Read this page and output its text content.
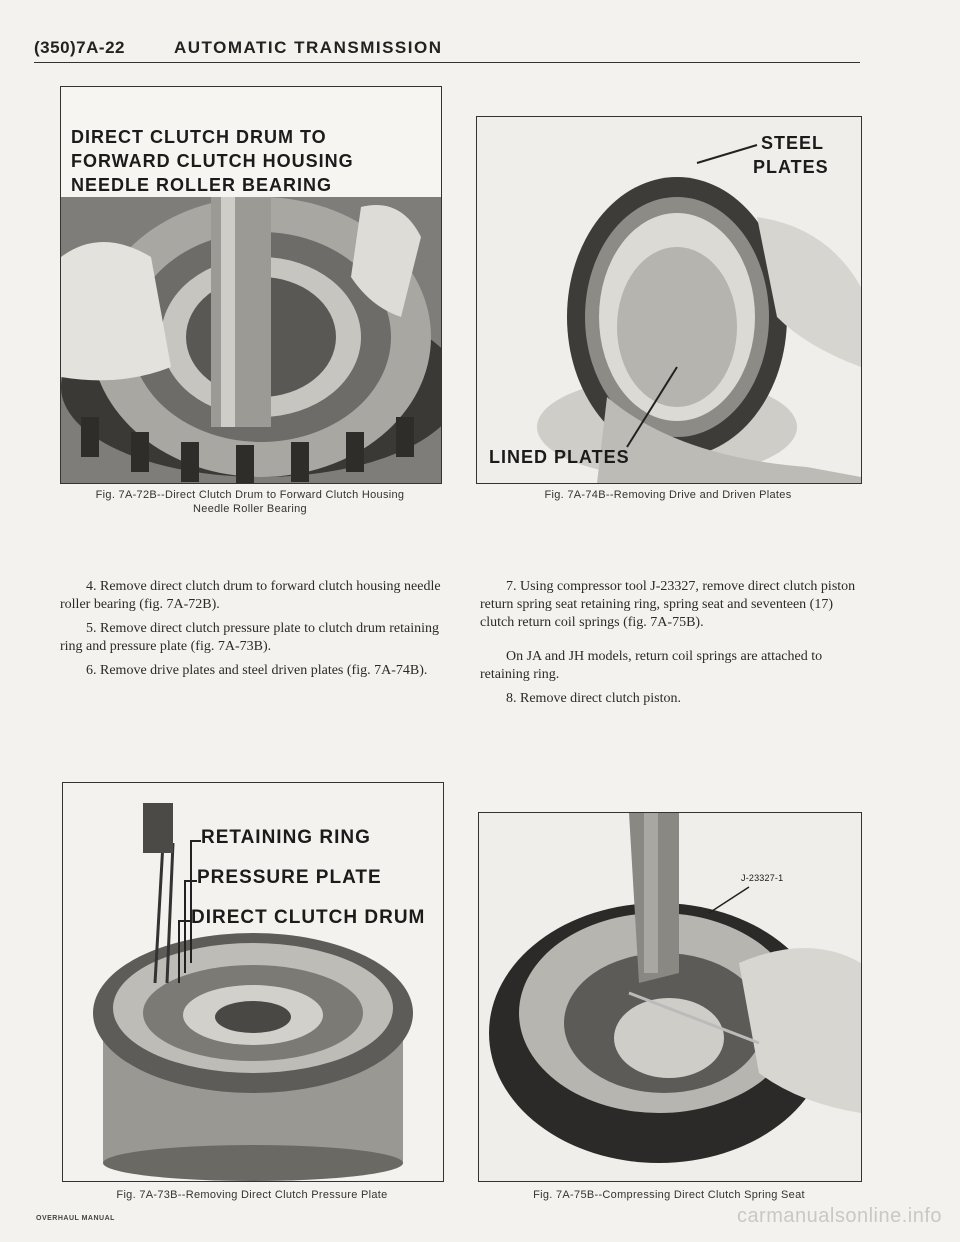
(350)7A-22	AUTOMATIC TRANSMISSION
DIRECT CLUTCH DRUM TO
FORWARD CLUTCH HOUSING
NEEDLE ROLLER BEARING
Fig. 7A-72B--Direct Clutch Drum to Forward Clutch Housing
Needle Roller Bearing
STEEL
PLATES
LINED PLATES
Fig. 7A-74B--Removing Drive and Driven Plates

4. Remove direct clutch drum to forward clutch housing needle roller bearing (fig. 7A-72B).

5. Remove direct clutch pressure plate to clutch drum retaining ring and pressure plate (fig. 7A-73B).

6. Remove drive plates and steel driven plates (fig. 7A-74B).

7. Using compressor tool J-23327, remove direct clutch piston return spring seat retaining ring, spring seat and seventeen (17) clutch return coil springs (fig. 7A-75B).

On JA and JH models, return coil springs are attached to retaining ring.

8. Remove direct clutch piston.

RETAINING RING
PRESSURE PLATE
DIRECT CLUTCH DRUM
Fig. 7A-73B--Removing Direct Clutch Pressure Plate
J-23327-1
Fig. 7A-75B--Compressing Direct Clutch Spring Seat
OVERHAUL MANUAL	carmanualsonline.info
